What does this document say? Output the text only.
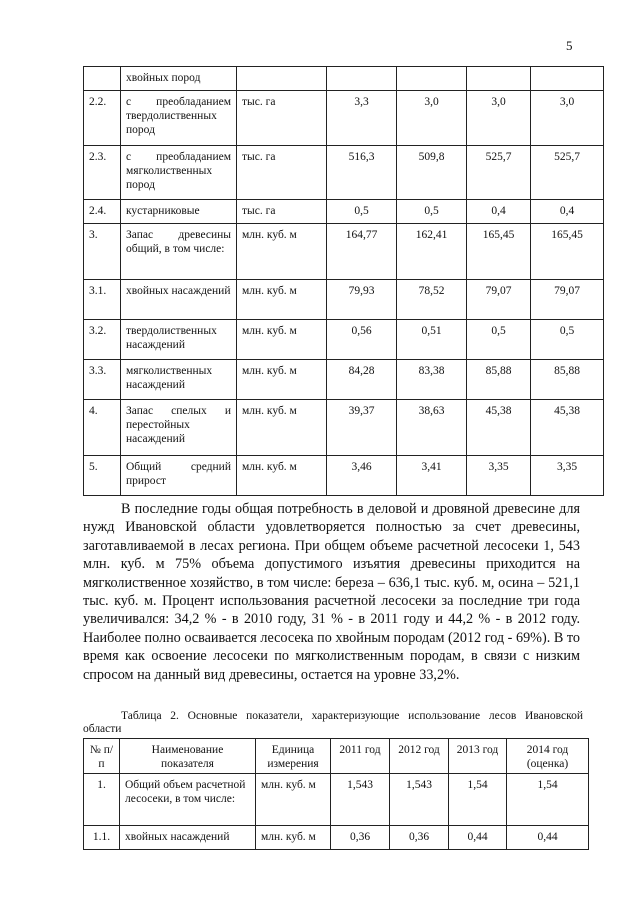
5
	хвойных пород					
2.2.	с преобладанием твердолиственных пород	тыс. га	3,3	3,0	3,0	3,0
2.3.	с преобладанием мягколиственных пород	тыс. га	516,3	509,8	525,7	525,7
2.4.	кустарниковые	тыс. га	0,5	0,5	0,4	0,4
3.	Запас древесины общий, в том числе:	млн. куб. м	164,77	162,41	165,45	165,45
3.1.	хвойных насаждений	млн. куб. м	79,93	78,52	79,07	79,07
3.2.	твердолиственных насаждений	млн. куб. м	0,56	0,51	0,5	0,5
3.3.	мягколиственных насаждений	млн. куб. м	84,28	83,38	85,88	85,88
4.	Запас спелых и перестойных насаждений	млн. куб. м	39,37	38,63	45,38	45,38
5.	Общий средний прирост	млн. куб. м	3,46	3,41	3,35	3,35

В последние годы общая потребность в деловой и дровяной древесине для нужд Ивановской области удовлетворяется полностью за счет древесины, заготавливаемой в лесах региона. При общем объеме расчетной лесосеки 1, 543 млн. куб. м 75% объема допустимого изъятия древесины приходится на мягколиственное хозяйство, в том числе: береза – 636,1 тыс. куб. м, осина – 521,1 тыс. куб. м. Процент использования расчетной лесосеки за последние три года увеличивался: 34,2 % - в 2010 году, 31 % - в 2011 году и 44,2 % - в 2012 году. Наиболее полно осваивается лесосека по хвойным породам (2012 год - 69%). В то время как освоение лесосеки по мягколиственным породам, в связи с низким спросом на данный вид древесины, остается на уровне 33,2%.

Таблица 2. Основные показатели, характеризующие использование лесов Ивановской области

№ п/п	Наименование показателя	Единица измерения	2011 год	2012 год	2013 год	2014 год (оценка)
1.	Общий объем расчетной лесосеки, в том числе:	млн. куб. м	1,543	1,543	1,54	1,54
1.1.	хвойных насаждений	млн. куб. м	0,36	0,36	0,44	0,44
